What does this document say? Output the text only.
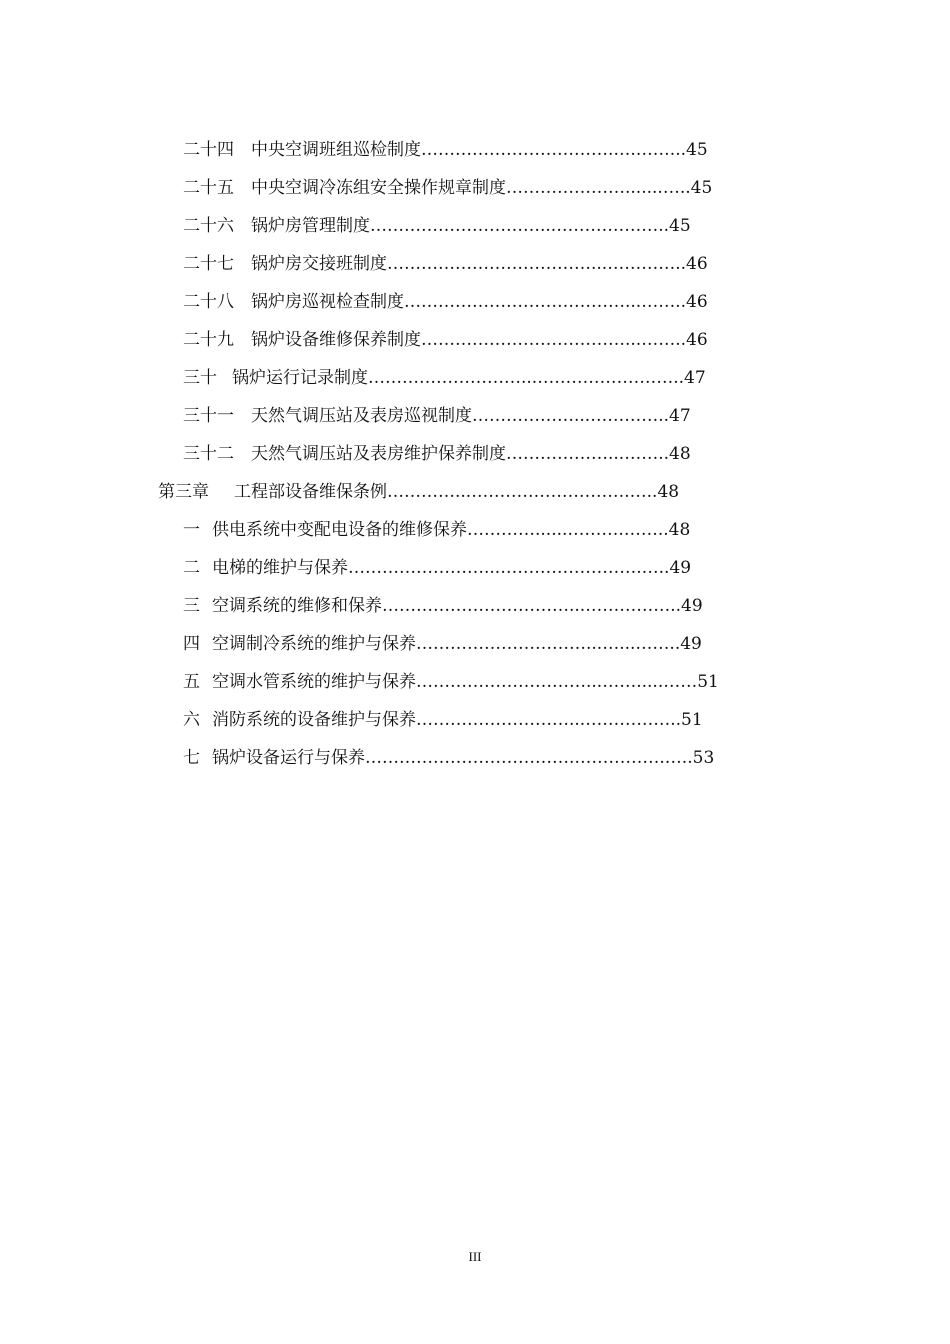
二十四 中央空调班组巡检制度…………………………….….……...45
二十五 中央空调冷冻组安全操作规章制度………………….......…..45
二十六 锅炉房管理制度…………………………...………………..45
二十七 锅炉房交接班制度………………………………...…………..46
二十八 锅炉房巡视检查制度…………………………………...……..46
二十九 锅炉设备维修保养制度………………………………...……..46
三十 锅炉运行记录制度………………………...……………………..47
三十一 天然气调压站及表房巡视制度………………...…………..47
三十二 天然气调压站及表房维护保养制度………………...……..48
第三章 工程部设备维保条例…………...……………………….…..48
一 供电系统中变配电设备的维修保养…………......……….……..48
二 电梯的维护与保养……………………...…………………….…..49
三 空调系统的维修和保养……………………………...……………..49
四 空调制冷系统的维护与保养…………………………...…...……..49
五 空调水管系统的维护与保养…………………………...…….....……51
六 消防系统的设备维护与保养………………………...……………..51
七 锅炉设备运行与保养……………………………….…………….…..53
III
